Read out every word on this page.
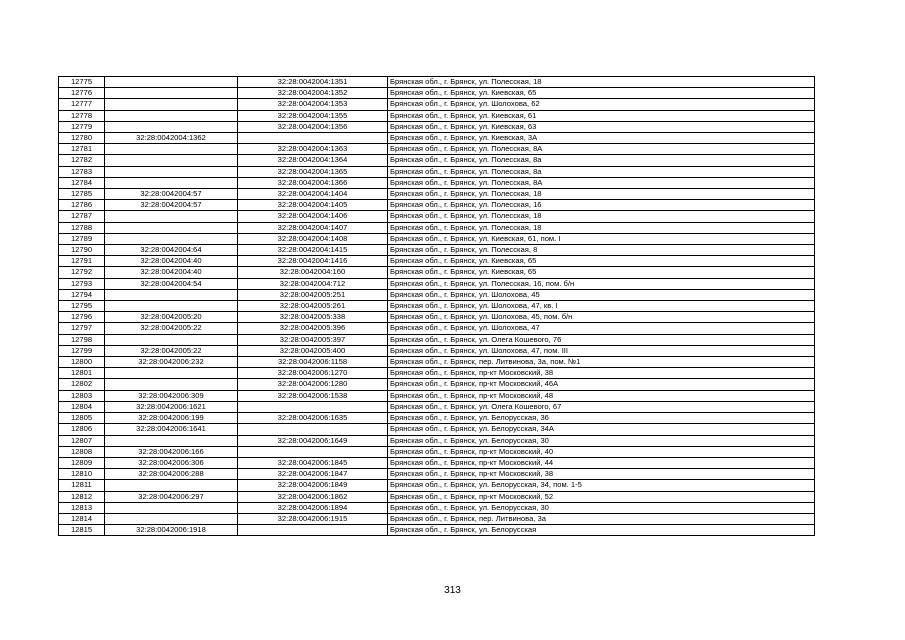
12775		32:28:0042004:1351	Брянская обл., г. Брянск, ул. Полесская, 18
12776		32:28:0042004:1352	Брянская обл., г. Брянск, ул. Киевская, 65
12777		32:28:0042004:1353	Брянская обл., г. Брянск, ул. Шолохова, 62
12778		32:28:0042004:1355	Брянская обл., г. Брянск, ул. Киевская, 61
12779		32:28:0042004:1356	Брянская обл., г. Брянск, ул. Киевская, 63
12780	32:28:0042004:1362		Брянская обл., г. Брянск, ул. Киевская, 3А
12781		32:28:0042004:1363	Брянская обл., г. Брянск, ул. Полесская, 8А
12782		32:28:0042004:1364	Брянская обл., г. Брянск, ул. Полесская, 8а
12783		32:28:0042004:1365	Брянская обл., г. Брянск, ул. Полесская, 8а
12784		32:28:0042004:1366	Брянская обл., г. Брянск, ул. Полесская, 8А
12785	32:28:0042004:57	32:28:0042004:1404	Брянская обл., г. Брянск, ул. Полесская, 18
12786	32:28:0042004:57	32:28:0042004:1405	Брянская обл., г. Брянск, ул. Полесская, 16
12787		32:28:0042004:1406	Брянская обл., г. Брянск, ул. Полесская, 18
12788		32:28:0042004:1407	Брянская обл., г. Брянск, ул. Полесская, 18
12789		32:28:0042004:1408	Брянская обл., г. Брянск, ул. Киевская, 61, пом. I
12790	32:28:0042004:64	32:28:0042004:1415	Брянская обл., г. Брянск, ул. Полесская, 8
12791	32:28:0042004:40	32:28:0042004:1416	Брянская обл., г. Брянск, ул. Киевская, 65
12792	32:28:0042004:40	32:28:0042004:160	Брянская обл., г. Брянск, ул. Киевская, 65
12793	32:28:0042004:54	32:28:0042004:712	Брянская обл., г. Брянск, ул. Полесская, 16, пом. б/н
12794		32:28:0042005:251	Брянская обл., г. Брянск, ул. Шолохова, 45
12795		32:28:0042005:261	Брянская обл., г. Брянск, ул. Шолохова, 47, кв. I
12796	32:28:0042005:20	32:28:0042005:338	Брянская обл., г. Брянск, ул. Шолохова, 45, пом. б/н
12797	32:28:0042005:22	32:28:0042005:396	Брянская обл., г. Брянск, ул. Шолохова, 47
12798		32:28:0042005:397	Брянская обл., г. Брянск, ул. Олега Кошевого, 76
12799	32:28:0042005:22	32:28:0042005:400	Брянская обл., г. Брянск, ул. Шолохова, 47, пом. III
12800	32:28:0042006:232	32:28:0042006:1158	Брянская обл., г. Брянск, пер. Литвинова, 3а, пом. №1
12801		32:28:0042006:1270	Брянская обл., г. Брянск, пр-кт Московский, 38
12802		32:28:0042006:1280	Брянская обл., г. Брянск, пр-кт Московский, 46А
12803	32:28:0042006:309	32:28:0042006:1538	Брянская обл., г. Брянск, пр-кт Московский, 48
12804	32:28:0042006:1621		Брянская обл., г. Брянск, ул. Олега Кошевого, 67
12805	32:28:0042006:199	32:28:0042006:1635	Брянская обл., г. Брянск, ул. Белорусская, 36
12806	32:28:0042006:1641		Брянская обл., г. Брянск, ул. Белорусская, 34А
12807		32:28:0042006:1649	Брянская обл., г. Брянск, ул. Белорусская, 30
12808	32:28:0042006:166		Брянская обл., г. Брянск, пр-кт Московский, 40
12809	32:28:0042006:306	32:28:0042006:1845	Брянская обл., г. Брянск, пр-кт Московский, 44
12810	32:28:0042006:288	32:28:0042006:1847	Брянская обл., г. Брянск, пр-кт Московский, 38
12811		32:28:0042006:1849	Брянская обл., г. Брянск, ул. Белорусская, 34, пом. 1-5
12812	32:28:0042006:297	32:28:0042006:1862	Брянская обл., г. Брянск, пр-кт Московский, 52
12813		32:28:0042006:1894	Брянская обл., г. Брянск, ул. Белорусская, 30
12814		32:28:0042006:1915	Брянская обл., г. Брянск, пер. Литвинова, 3а
12815	32:28:0042006:1918		Брянская обл., г. Брянск, ул. Белорусская
313
